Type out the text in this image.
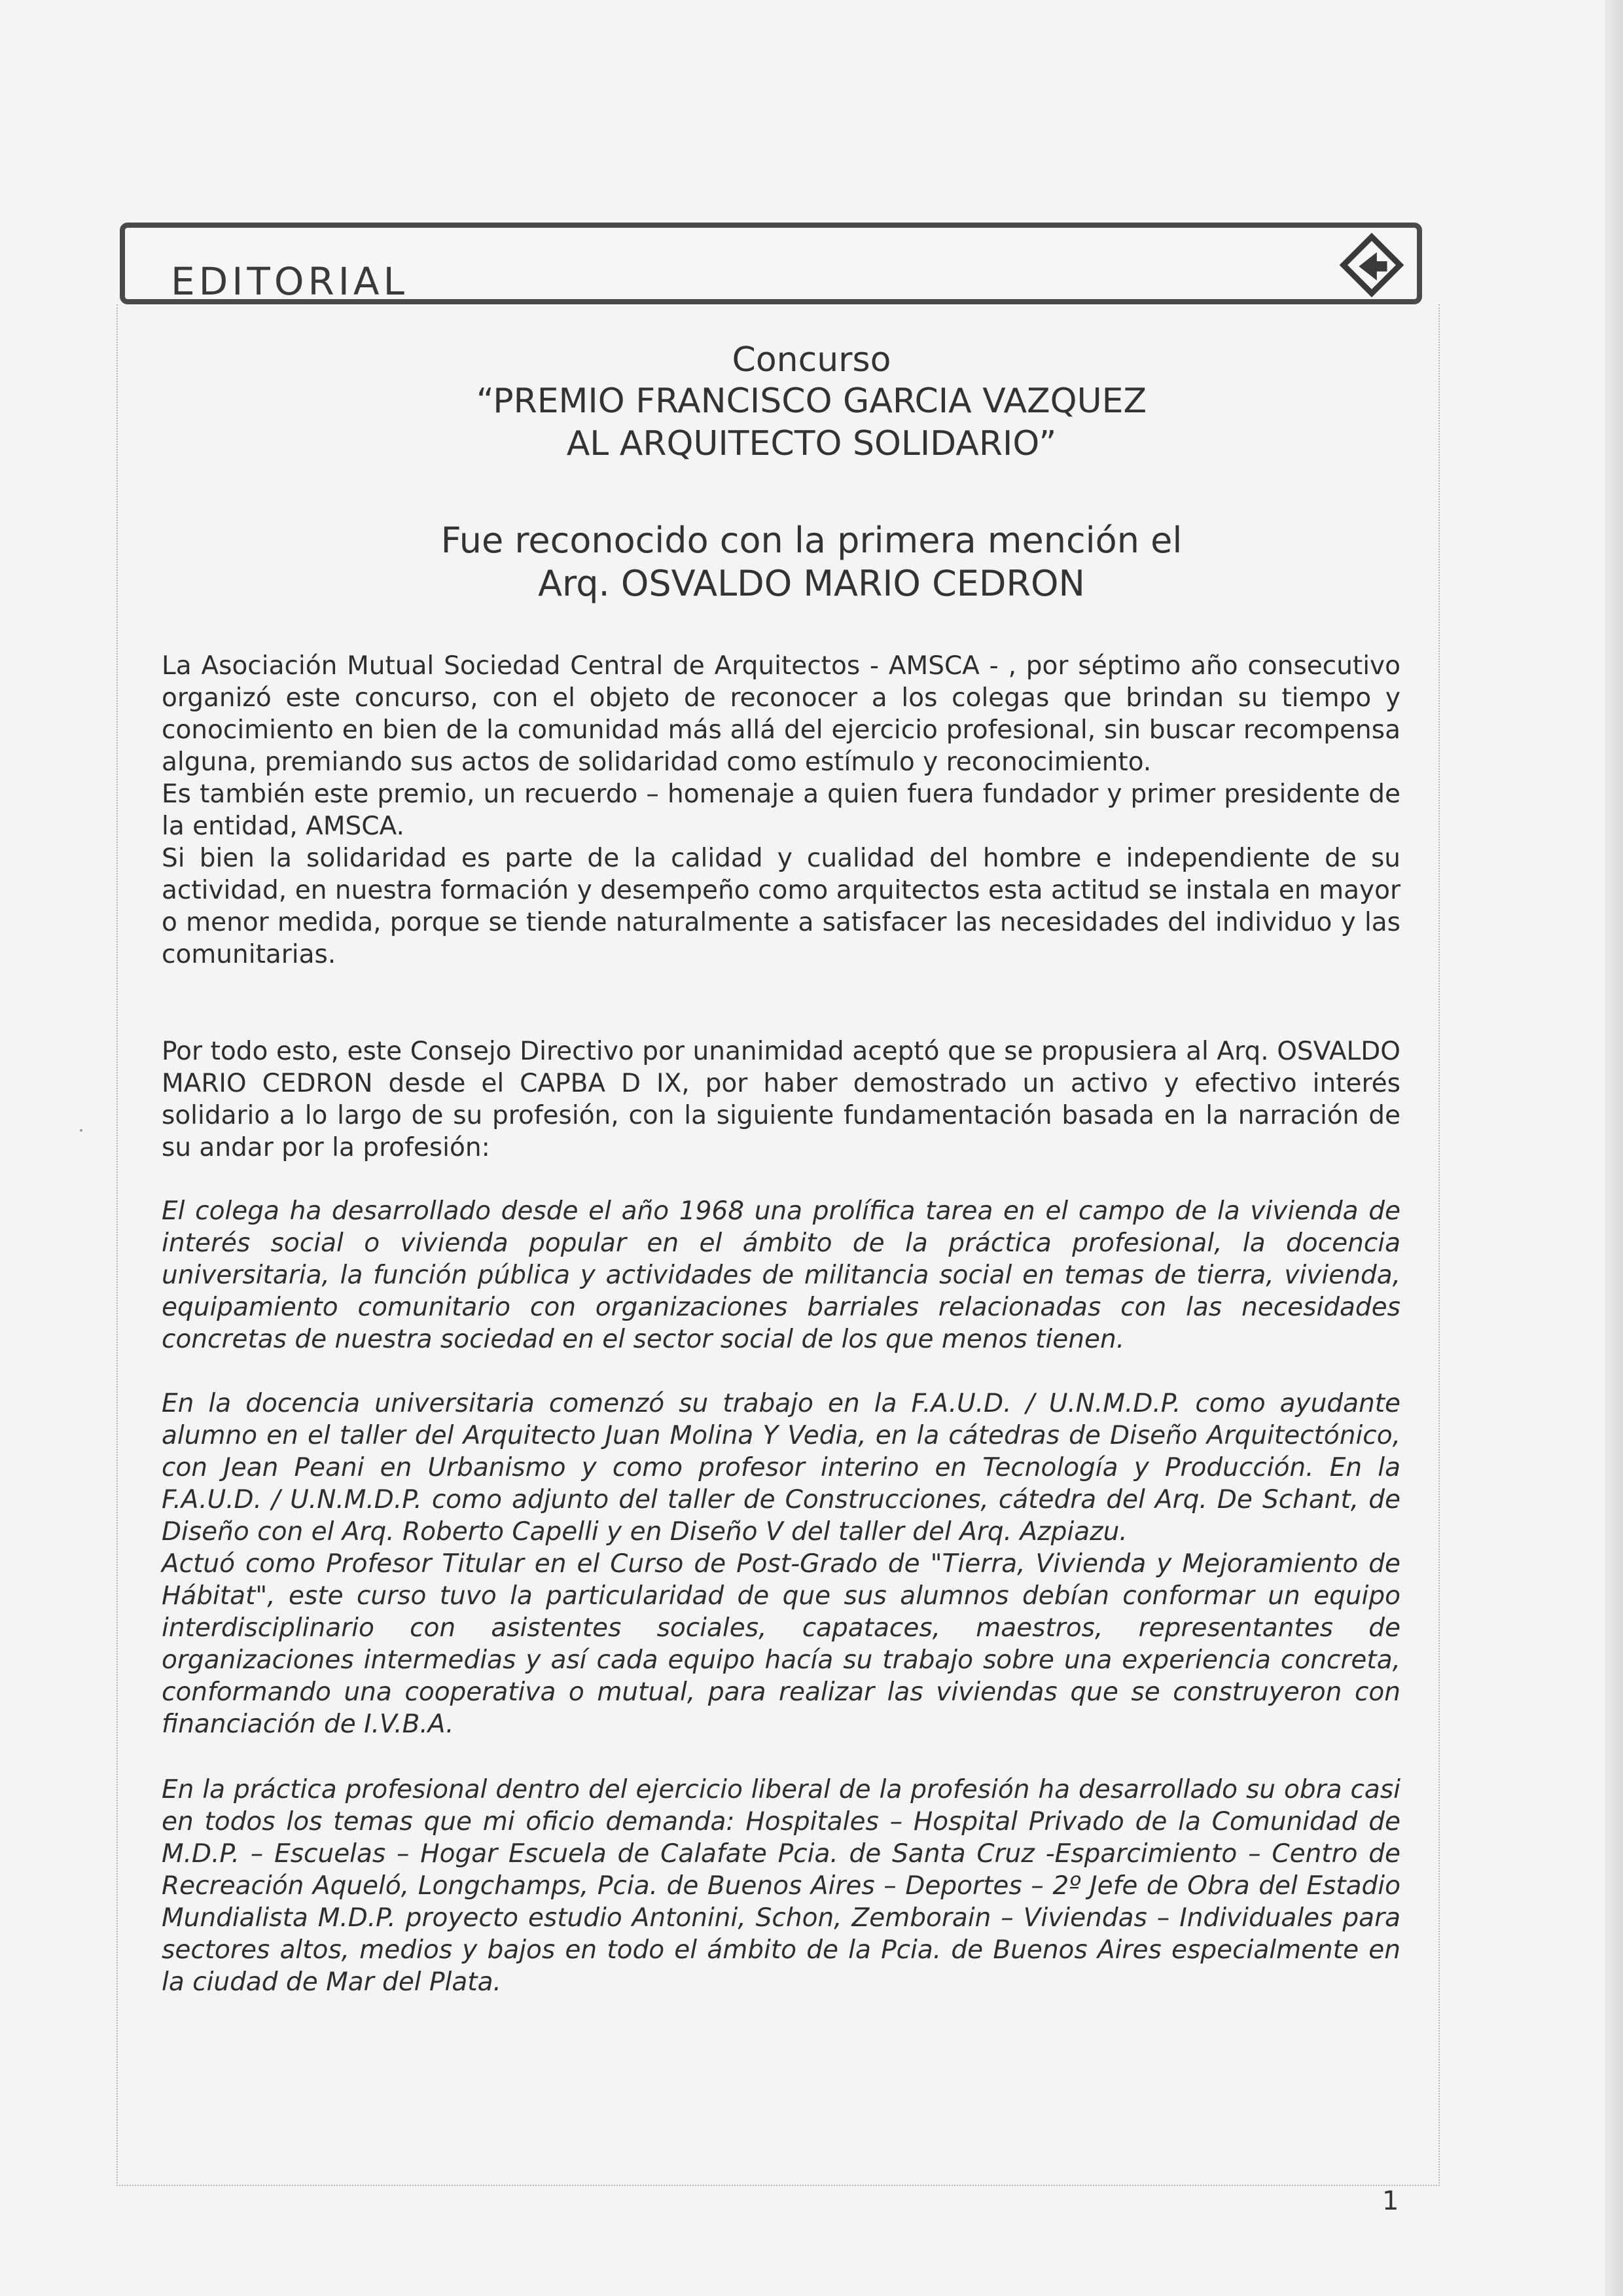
EDITORIAL
Concurso
“PREMIO FRANCISCO GARCIA VAZQUEZ
AL ARQUITECTO SOLIDARIO”
Fue reconocido con la primera mención el
Arq. OSVALDO MARIO CEDRON

La Asociación Mutual Sociedad Central de Arquitectos - AMSCA - , por séptimo año consecutivo organizó este concurso, con el objeto de reconocer a los colegas que brindan su tiempo y conocimiento en bien de la comunidad más allá del ejercicio profesional, sin buscar recompensa alguna, premiando sus actos de solidaridad como estímulo y reconocimiento.

Es también este premio, un recuerdo – homenaje a quien fuera fundador y primer presidente de la entidad, AMSCA.

Si bien la solidaridad es parte de la calidad y cualidad del hombre e independiente de su actividad, en nuestra formación y desempeño como arquitectos esta actitud se instala en mayor o menor medida, porque se tiende naturalmente a satisfacer las necesidades del individuo y las comunitarias.

Por todo esto, este Consejo Directivo por unanimidad aceptó que se propusiera al Arq. OSVALDO MARIO CEDRON desde el CAPBA D IX, por haber demostrado un activo y efectivo interés solidario a lo largo de su profesión, con la siguiente fundamentación basada en la narración de su andar por la profesión:

El colega ha desarrollado desde el año 1968 una prolífica tarea en el campo de la vivienda de interés social o vivienda popular en el ámbito de la práctica profesional, la docencia universitaria, la función pública y actividades de militancia social en temas de tierra, vivienda, equipamiento comunitario con organizaciones barriales relacionadas con las necesidades concretas de nuestra sociedad en el sector social de los que menos tienen.

En la docencia universitaria comenzó su trabajo en la F.A.U.D. / U.N.M.D.P. como ayudante alumno en el taller del Arquitecto Juan Molina Y Vedia, en la cátedras de Diseño Arquitectónico, con Jean Peani en Urbanismo y como profesor interino en Tecnología y Producción. En la F.A.U.D. / U.N.M.D.P. como adjunto del taller de Construcciones, cátedra del Arq. De Schant, de Diseño con el Arq. Roberto Capelli y en Diseño V del taller del Arq. Azpiazu.

Actuó como Profesor Titular en el Curso de Post-Grado de "Tierra, Vivienda y Mejoramiento de Hábitat", este curso tuvo la particularidad de que sus alumnos debían conformar un equipo interdisciplinario con asistentes sociales, capataces, maestros, representantes de organizaciones intermedias y así cada equipo hacía su trabajo sobre una experiencia concreta, conformando una cooperativa o mutual, para realizar las viviendas que se construyeron con financiación de I.V.B.A.

En la práctica profesional dentro del ejercicio liberal de la profesión ha desarrollado su obra casi en todos los temas que mi oficio demanda: Hospitales – Hospital Privado de la Comunidad de M.D.P. – Escuelas – Hogar Escuela de Calafate Pcia. de Santa Cruz -Esparcimiento – Centro de Recreación Aqueló, Longchamps, Pcia. de Buenos Aires – Deportes – 2º Jefe de Obra del Estadio Mundialista M.D.P. proyecto estudio Antonini, Schon, Zemborain – Viviendas – Individuales para sectores altos, medios y bajos en todo el ámbito de la Pcia. de Buenos Aires especialmente en la ciudad de Mar del Plata.

1
